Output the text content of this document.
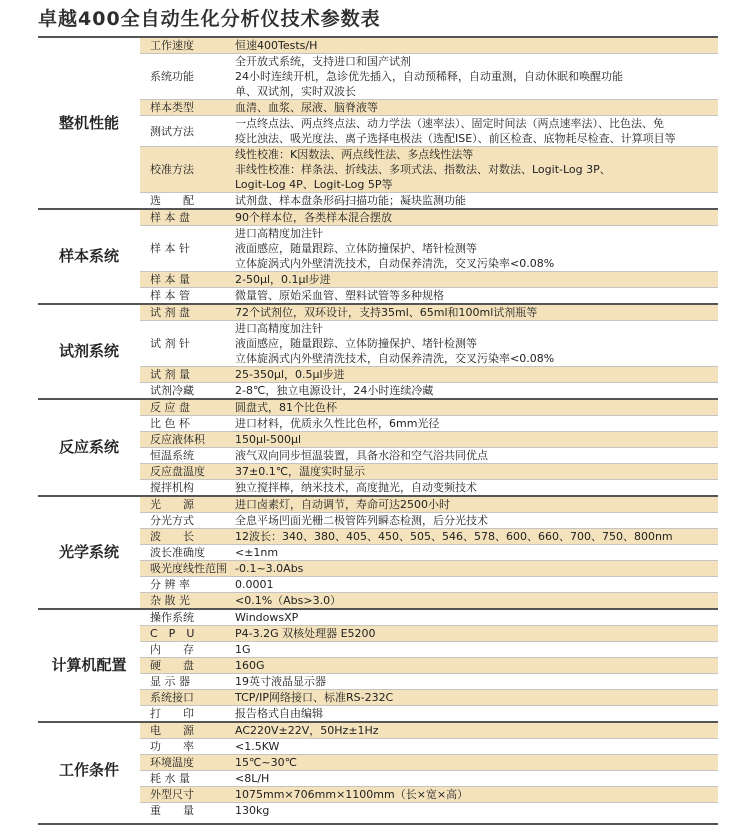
卓越400全自动生化分析仪技术参数表
整机性能	工作速度	恒速400Tests/H

	系统功能	全开放式系统，支持进口和国产试剂
24小时连续开机，急诊优先插入，自动预稀释，自动重测，自动休眠和唤醒功能
单、双试剂，实时双波长

	样本类型	血清、血浆、尿液、脑脊液等

	测试方法	一点终点法、两点终点法、动力学法（速率法）、固定时间法（两点速率法）、比色法、免
疫比浊法、吸光度法、离子选择电极法（选配ISE）、前区检查、底物耗尽检查、计算项目等

	校准方法	线性校准：K因数法、两点线性法、多点线性法等
非线性校准：样条法、折线法、多项式法、指数法、对数法、Logit-Log 3P、
Logit-Log 4P、Logit-Log 5P等

	选　　配	试剂盘、样本盘条形码扫描功能；凝块监测功能

样本系统	样 本 盘	90个样本位，各类样本混合摆放

	样 本 针	进口高精度加注针
液面感应，随量跟踪、立体防撞保护、堵针检测等
立体旋涡式内外壁清洗技术，自动保养清洗，交叉污染率<0.08%

	样 本 量	2-50μl，0.1μl步进

	样 本 管	微量管、原始采血管、塑料试管等多种规格

试剂系统	试 剂 盘	72个试剂位，双环设计，支持35ml、65ml和100ml试剂瓶等

	试 剂 针	进口高精度加注针
液面感应，随量跟踪、立体防撞保护、堵针检测等
立体旋涡式内外壁清洗技术，自动保养清洗，交叉污染率<0.08%

	试 剂 量	25-350μl，0.5μl步进

	试剂冷藏	2-8℃，独立电源设计，24小时连续冷藏

反应系统	反 应 盘	圆盘式，81个比色杯

	比 色 杯	进口材料，优质永久性比色杯，6mm光径

	反应液体积	150μl-500μl

	恒温系统	液气双向同步恒温装置，具备水浴和空气浴共同优点

	反应盘温度	37±0.1℃，温度实时显示

	搅拌机构	独立搅拌棒，纳米技术，高度抛光，自动变频技术

光学系统	光　　源	进口卤素灯，自动调节，寿命可达2500小时

	分光方式	全息平场凹面光栅二极管阵列瞬态检测，后分光技术

	波　　长	12波长：340、380、405、450、505、546、578、600、660、700、750、800nm

	波长准确度	<±1nm

	吸光度线性范围	-0.1~3.0Abs

	分 辨 率	0.0001

	杂 散 光	<0.1%（Abs>3.0）

计算机配置	操作系统	WindowsXP

	C　P　U	P4-3.2G 双核处理器 E5200

	内　　存	1G

	硬　　盘	160G

	显 示 器	19英寸液晶显示器

	系统接口	TCP/IP网络接口、标准RS-232C

	打　　印	报告格式自由编辑

工作条件	电　　源	AC220V±22V，50Hz±1Hz

	功　　率	<1.5KW

	环境温度	15℃~30℃

	耗 水 量	<8L/H

	外型尺寸	1075mm×706mm×1100mm（长×宽×高）

	重　　量	130kg
